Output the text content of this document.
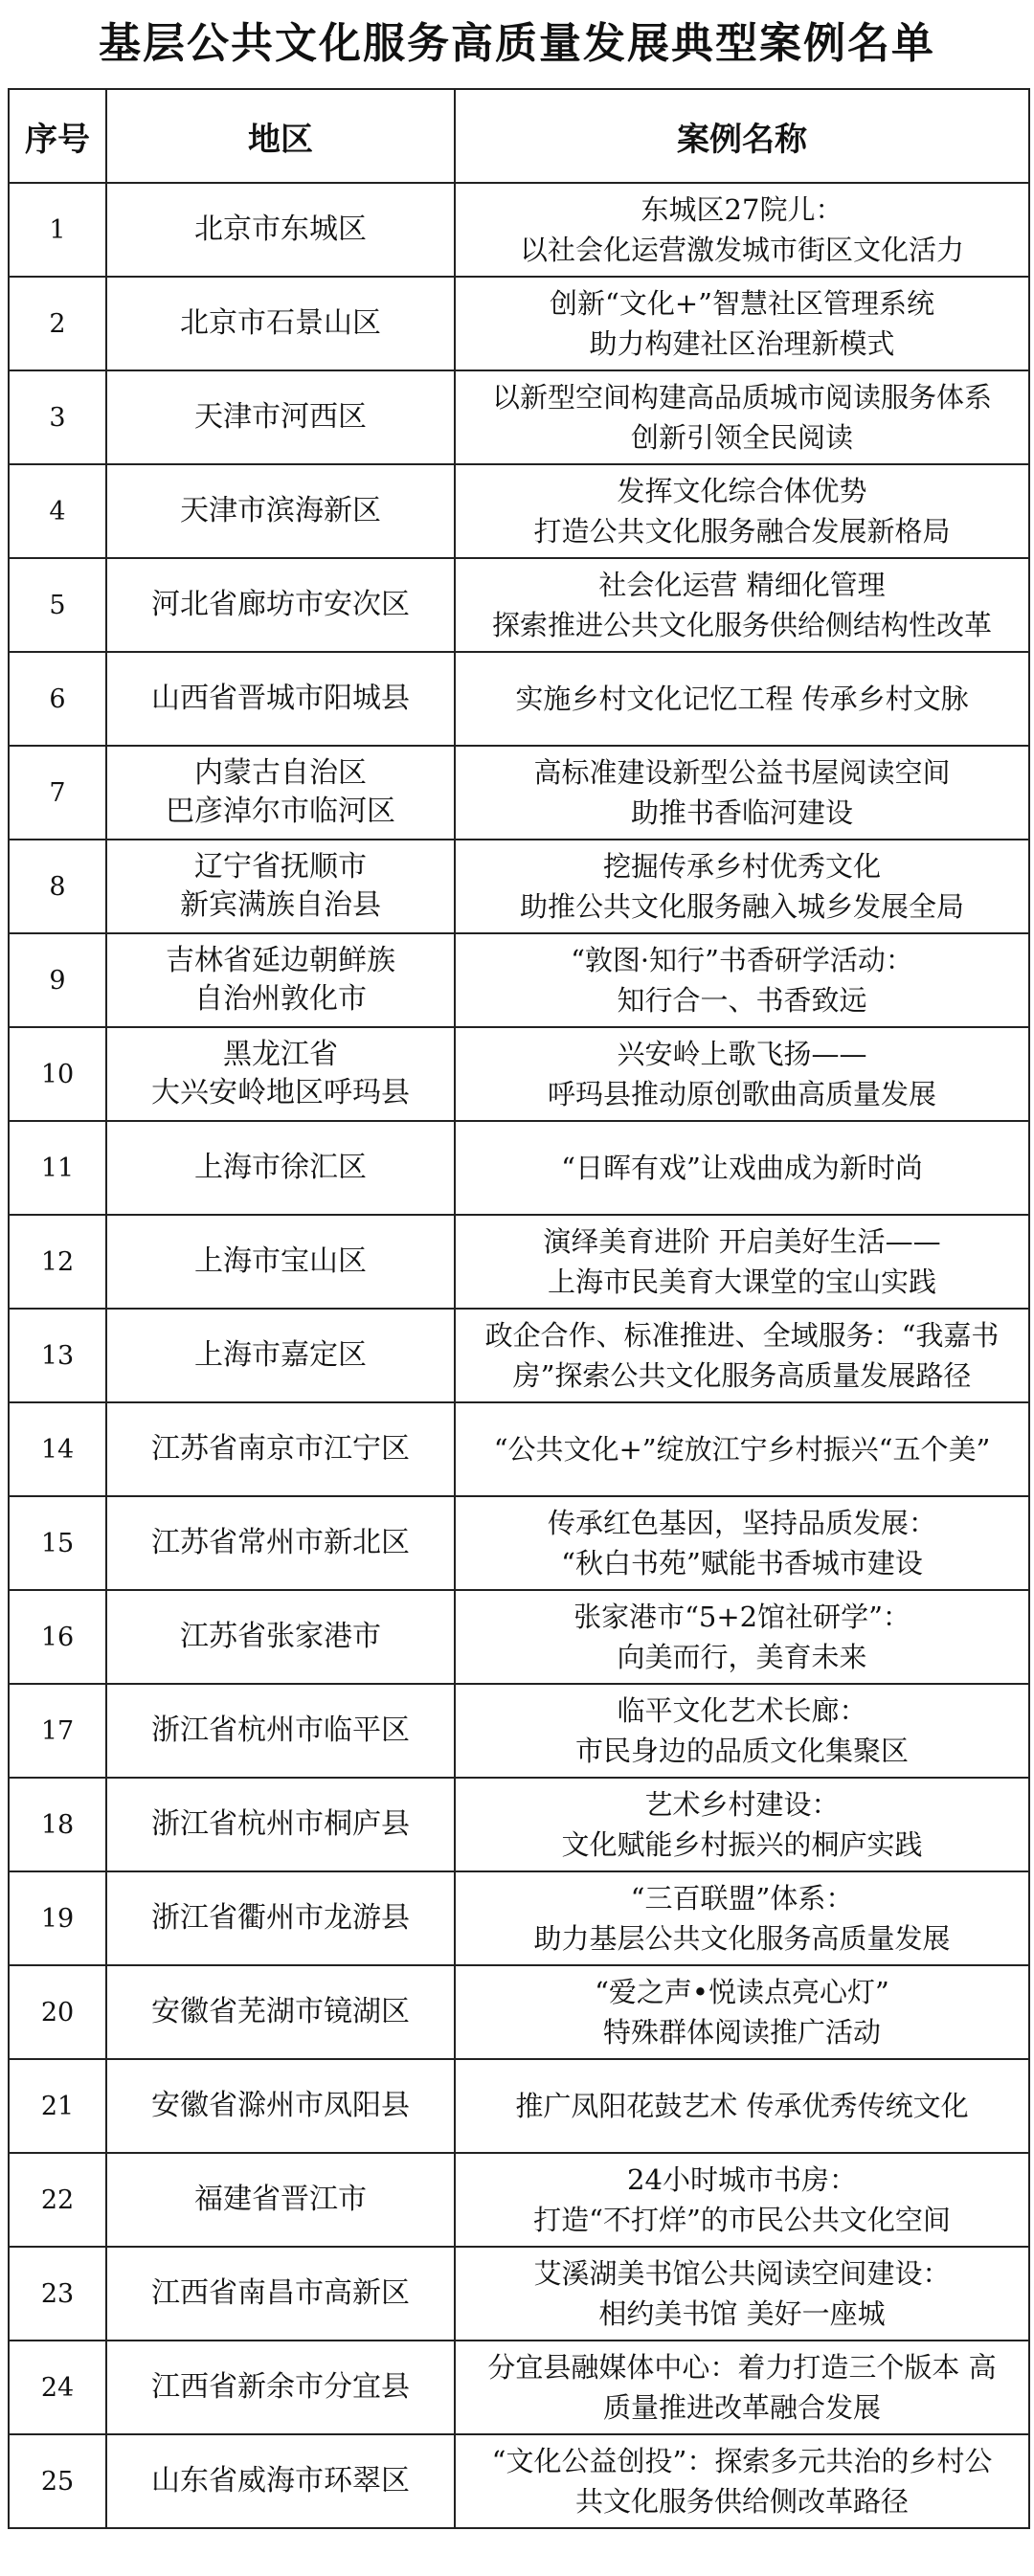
基层公共文化服务高质量发展典型案例名单
序号	地区	案例名称
1	北京市东城区	东城区27院儿：
以社会化运营激发城市街区文化活力

2	北京市石景山区	创新“文化+”智慧社区管理系统
助力构建社区治理新模式

3	天津市河西区	以新型空间构建高品质城市阅读服务体系
创新引领全民阅读

4	天津市滨海新区	发挥文化综合体优势
打造公共文化服务融合发展新格局

5	河北省廊坊市安次区	社会化运营 精细化管理
探索推进公共文化服务供给侧结构性改革

6	山西省晋城市阳城县	实施乡村文化记忆工程 传承乡村文脉

7	内蒙古自治区
巴彦淖尔市临河区	高标准建设新型公益书屋阅读空间
助推书香临河建设

8	辽宁省抚顺市
新宾满族自治县	挖掘传承乡村优秀文化
助推公共文化服务融入城乡发展全局

9	吉林省延边朝鲜族
自治州敦化市	“敦图·知行”书香研学活动：
知行合一、书香致远

10	黑龙江省
大兴安岭地区呼玛县	兴安岭上歌飞扬——
呼玛县推动原创歌曲高质量发展

11	上海市徐汇区	“日晖有戏”让戏曲成为新时尚

12	上海市宝山区	演绎美育进阶 开启美好生活——
上海市民美育大课堂的宝山实践

13	上海市嘉定区	政企合作、标准推进、全域服务：“我嘉书
房”探索公共文化服务高质量发展路径

14	江苏省南京市江宁区	“公共文化+”绽放江宁乡村振兴“五个美”

15	江苏省常州市新北区	传承红色基因，坚持品质发展：
“秋白书苑”赋能书香城市建设

16	江苏省张家港市	张家港市“5+2馆社研学”：
向美而行，美育未来

17	浙江省杭州市临平区	临平文化艺术长廊：
市民身边的品质文化集聚区

18	浙江省杭州市桐庐县	艺术乡村建设：
文化赋能乡村振兴的桐庐实践

19	浙江省衢州市龙游县	“三百联盟”体系：
助力基层公共文化服务高质量发展

20	安徽省芜湖市镜湖区	“爱之声•悦读点亮心灯”
特殊群体阅读推广活动

21	安徽省滁州市凤阳县	推广凤阳花鼓艺术 传承优秀传统文化

22	福建省晋江市	24小时城市书房：
打造“不打烊”的市民公共文化空间

23	江西省南昌市高新区	艾溪湖美书馆公共阅读空间建设：
相约美书馆 美好一座城

24	江西省新余市分宜县	分宜县融媒体中心：着力打造三个版本 高
质量推进改革融合发展

25	山东省威海市环翠区	“文化公益创投”：探索多元共治的乡村公
共文化服务供给侧改革路径
